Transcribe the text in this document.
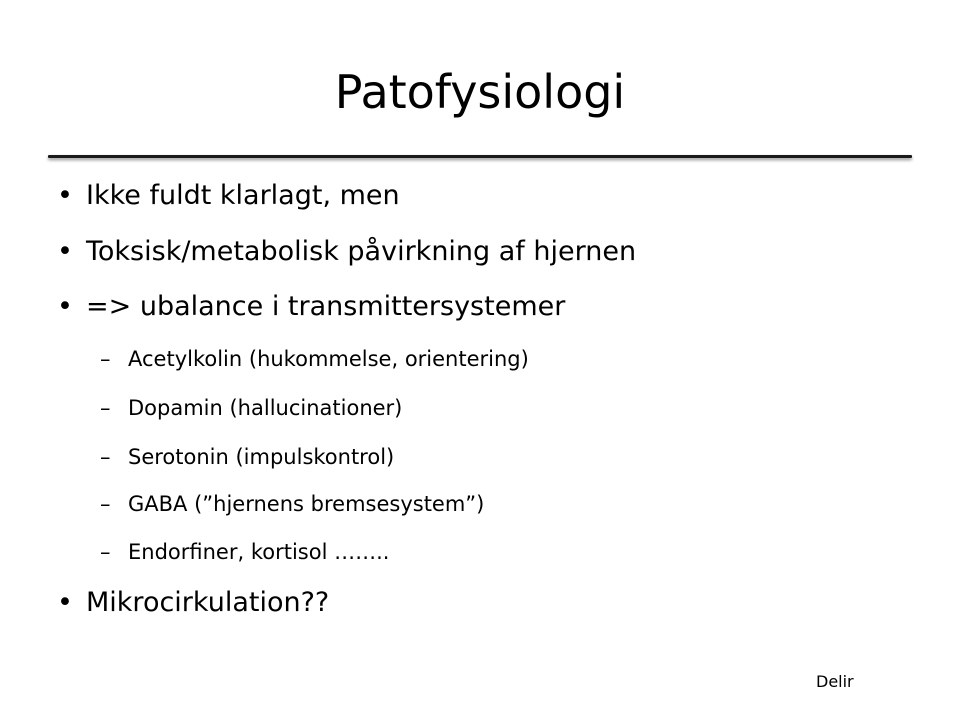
Patofysiologi
• Ikke fuldt klarlagt, men
• Toksisk/metabolisk påvirkning af hjernen
• => ubalance i transmittersystemer
– Acetylkolin (hukommelse, orientering)
– Dopamin (hallucinationer)
– Serotonin (impulskontrol)
– GABA (”hjernens bremsesystem”)
– Endorfiner, kortisol ……..
• Mikrocirkulation??
Delir
